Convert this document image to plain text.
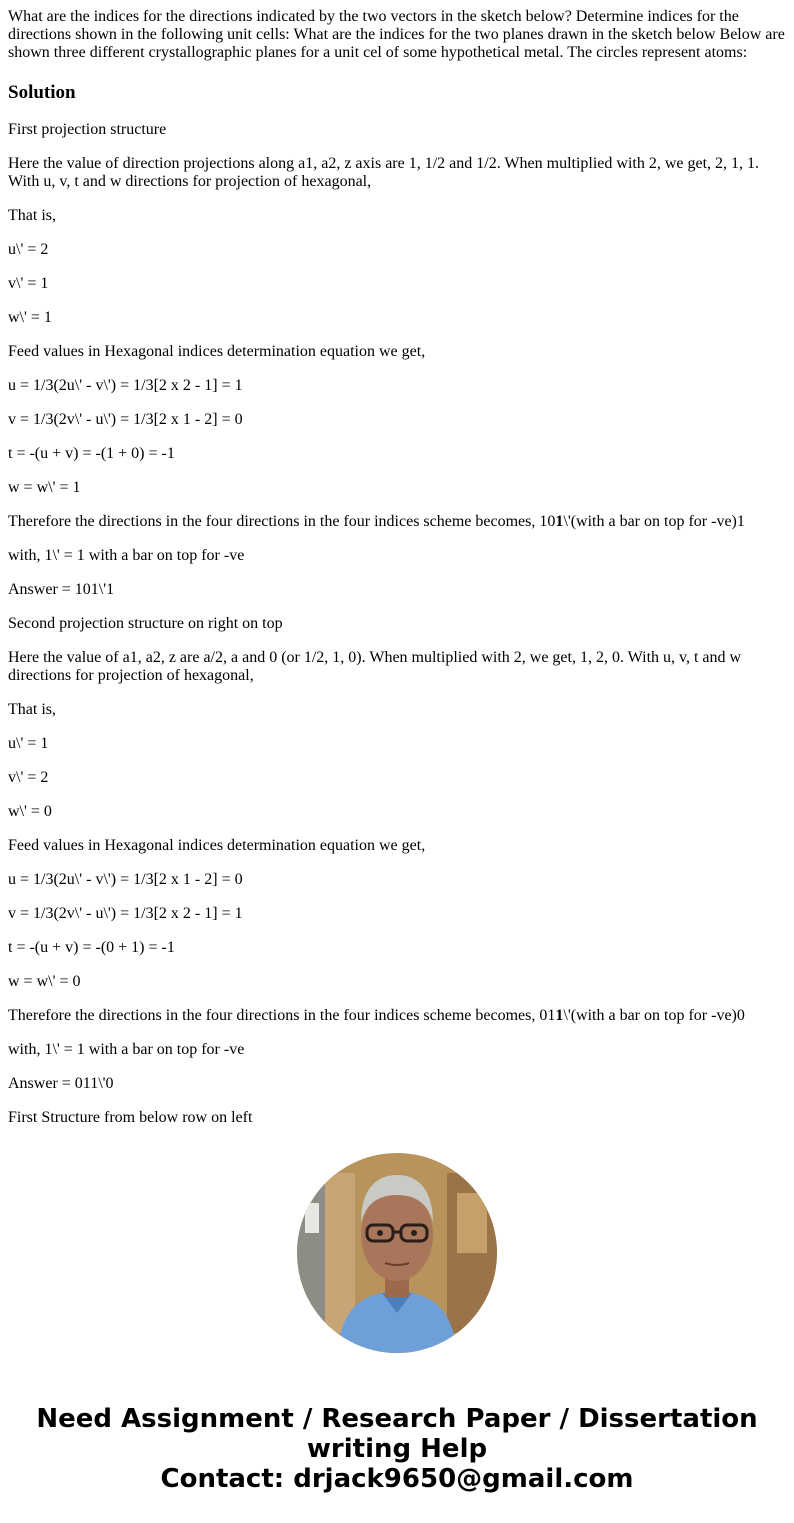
What are the indices for the directions indicated by the two vectors in the sketch below? Determine indices for the directions shown in the following unit cells: What are the indices for the two planes drawn in the sketch below Below are shown three different crystallographic planes for a unit cel of some hypothetical metal. The circles represent atoms:

Solution

First projection structure

Here the value of direction projections along a1, a2, z axis are 1, 1/2 and 1/2. When multiplied with 2, we get, 2, 1, 1. With u, v, t and w directions for projection of hexagonal,

That is,

u\' = 2

v\' = 1

w\' = 1

Feed values in Hexagonal indices determination equation we get,

u = 1/3(2u\' - v\') = 1/3[2 x 2 - 1] = 1

v = 1/3(2v\' - u\') = 1/3[2 x 1 - 2] = 0

t = -(u + v) = -(1 + 0) = -1

w = w\' = 1

Therefore the directions in the four directions in the four indices scheme becomes, 101\'(with a bar on top for -ve)1

with, 1\' = 1 with a bar on top for -ve

Answer = 101\'1

Second projection structure on right on top

Here the value of a1, a2, z are a/2, a and 0 (or 1/2, 1, 0). When multiplied with 2, we get, 1, 2, 0. With u, v, t and w directions for projection of hexagonal,

That is,

u\' = 1

v\' = 2

w\' = 0

Feed values in Hexagonal indices determination equation we get,

u = 1/3(2u\' - v\') = 1/3[2 x 1 - 2] = 0

v = 1/3(2v\' - u\') = 1/3[2 x 2 - 1] = 1

t = -(u + v) = -(0 + 1) = -1

w = w\' = 0

Therefore the directions in the four directions in the four indices scheme becomes, 011\'(with a bar on top for -ve)0

with, 1\' = 1 with a bar on top for -ve

Answer = 011\'0

First Structure from below row on left

Need Assignment / Research Paper / Dissertation
writing Help
Contact: drjack9650@gmail.com
